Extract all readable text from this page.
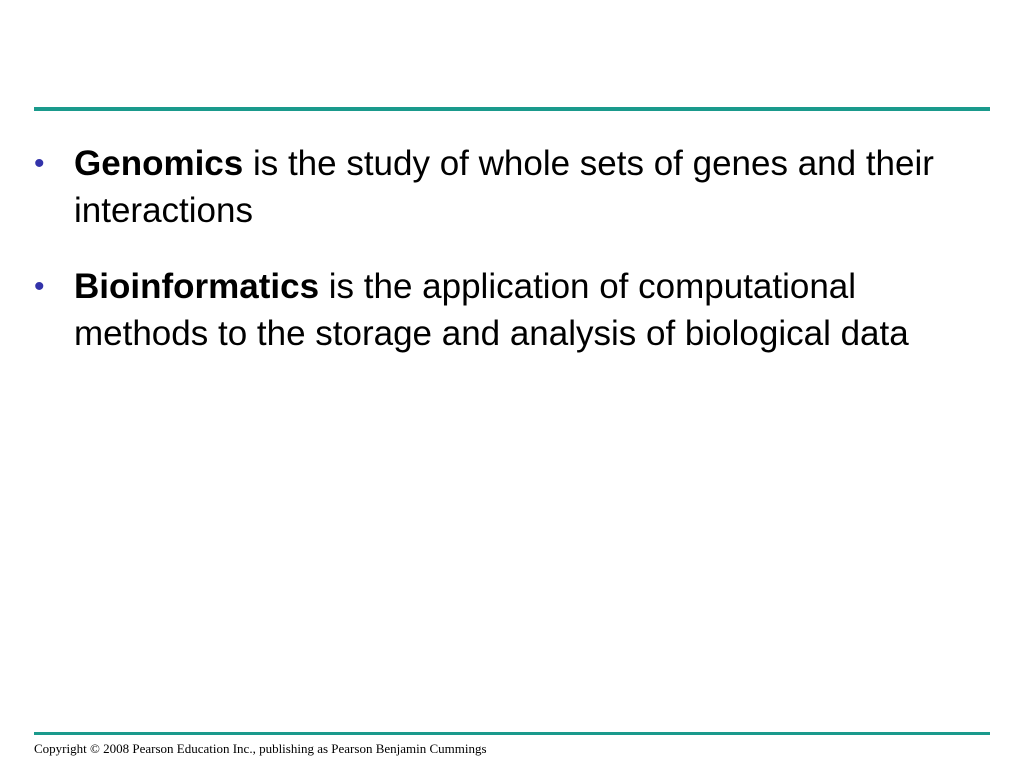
• Genomics is the study of whole sets of genes and their interactions
• Bioinformatics is the application of computational methods to the storage and analysis of biological data
Copyright © 2008 Pearson Education Inc., publishing as Pearson Benjamin Cummings
